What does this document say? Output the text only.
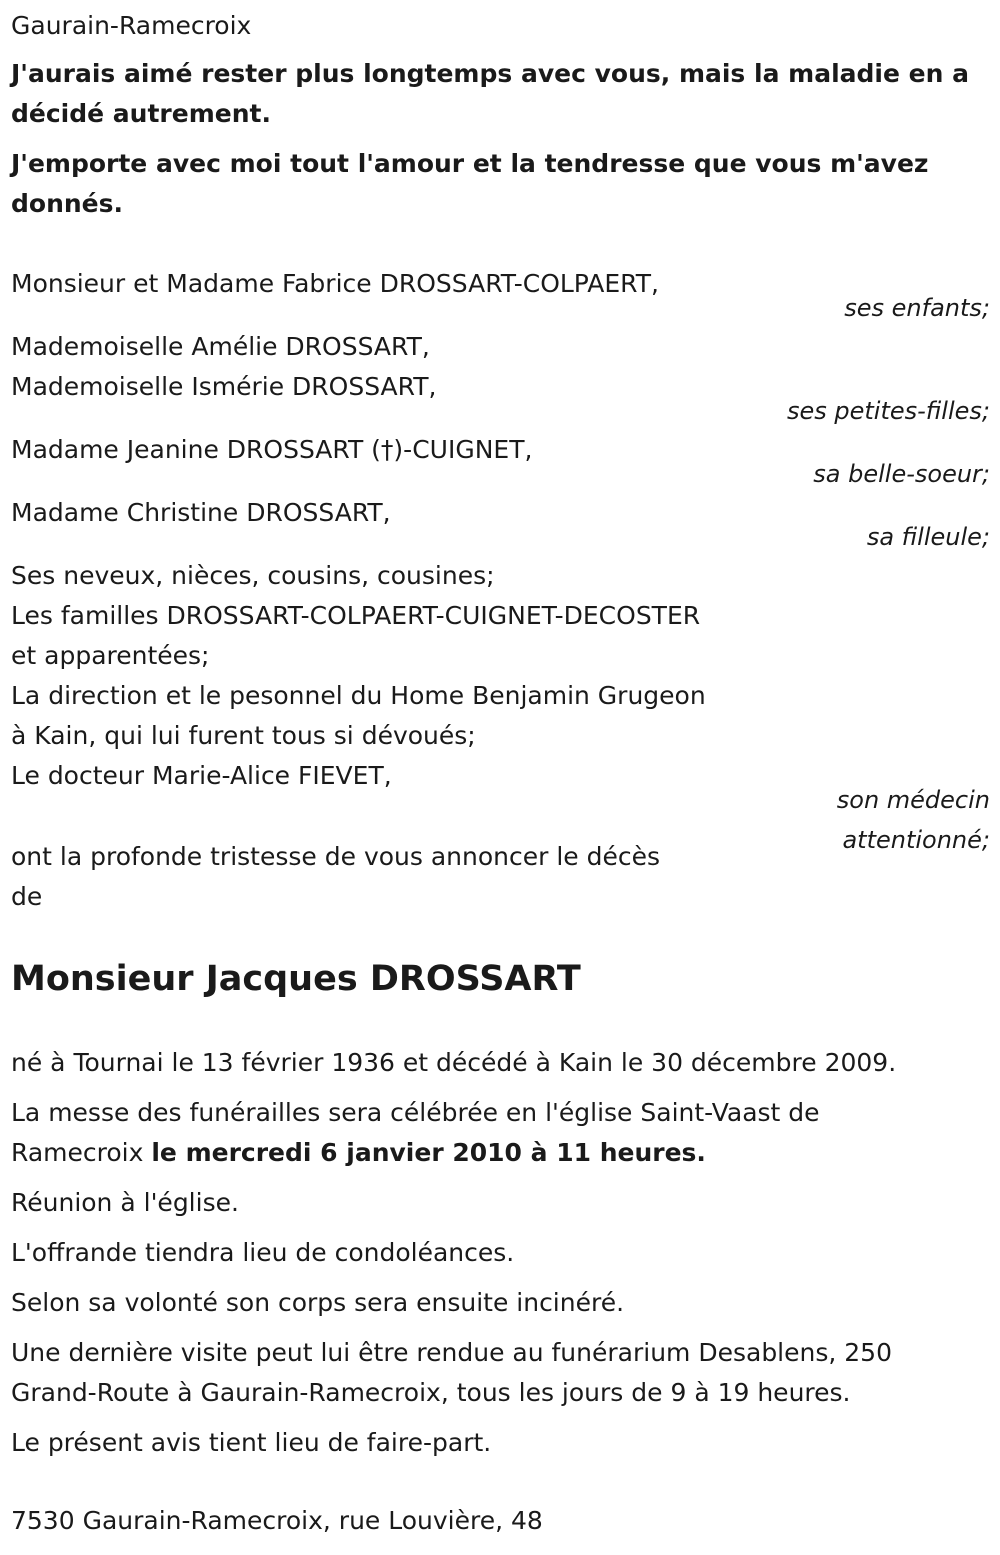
Gaurain-Ramecroix
J'aurais aimé rester plus longtemps avec vous, mais la maladie en a
décidé autrement.
J'emporte avec moi tout l'amour et la tendresse que vous m'avez
donnés.
Monsieur et Madame Fabrice DROSSART-COLPAERT,
ses enfants;
Mademoiselle Amélie DROSSART,
Mademoiselle Ismérie DROSSART,
ses petites-filles;
Madame Jeanine DROSSART (†)-CUIGNET,
sa belle-soeur;
Madame Christine DROSSART,
sa filleule;
Ses neveux, nièces, cousins, cousines;
Les familles DROSSART-COLPAERT-CUIGNET-DECOSTER
et apparentées;
La direction et le pesonnel du Home Benjamin Grugeon
à Kain, qui lui furent tous si dévoués;
Le docteur Marie-Alice FIEVET,
son médecin
attentionné;
ont la profonde tristesse de vous annoncer le décès
de
Monsieur Jacques DROSSART
né à Tournai le 13 février 1936 et décédé à Kain le 30 décembre 2009.
La messe des funérailles sera célébrée en l'église Saint-Vaast de
Ramecroix le mercredi 6 janvier 2010 à 11 heures.
Réunion à l'église.
L'offrande tiendra lieu de condoléances.
Selon sa volonté son corps sera ensuite incinéré.
Une dernière visite peut lui être rendue au funérarium Desablens, 250
Grand-Route à Gaurain-Ramecroix, tous les jours de 9 à 19 heures.
Le présent avis tient lieu de faire-part.
7530 Gaurain-Ramecroix, rue Louvière, 48
